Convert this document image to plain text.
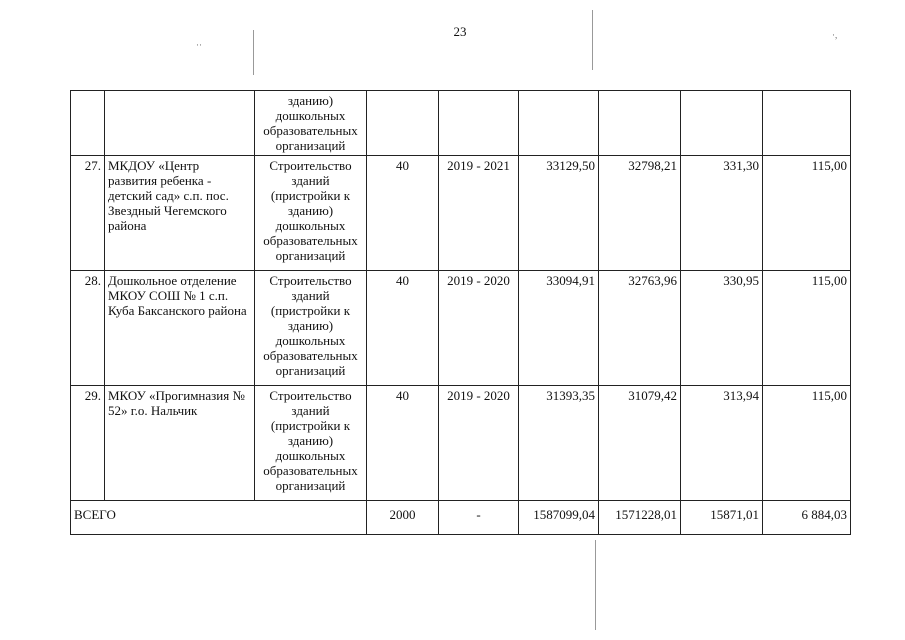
23
··
·,
		зданию) дошкольных образовательных организаций						
27.	МКДОУ «Центр развития ребенка - детский сад» с.п. пос. Звездный Чегемского района	Строительство зданий (пристройки к зданию) дошкольных образовательных организаций	40	2019 - 2021	33129,50	32798,21	331,30	115,00
28.	Дошкольное отделение МКОУ СОШ № 1 с.п. Куба Баксанского района	Строительство зданий (пристройки к зданию) дошкольных образовательных организаций	40	2019 - 2020	33094,91	32763,96	330,95	115,00
29.	МКОУ «Прогимназия № 52» г.о. Нальчик	Строительство зданий (пристройки к зданию) дошкольных образовательных организаций	40	2019 - 2020	31393,35	31079,42	313,94	115,00
ВСЕГО			2000	-	1587099,04	1571228,01	15871,01	6 884,03
